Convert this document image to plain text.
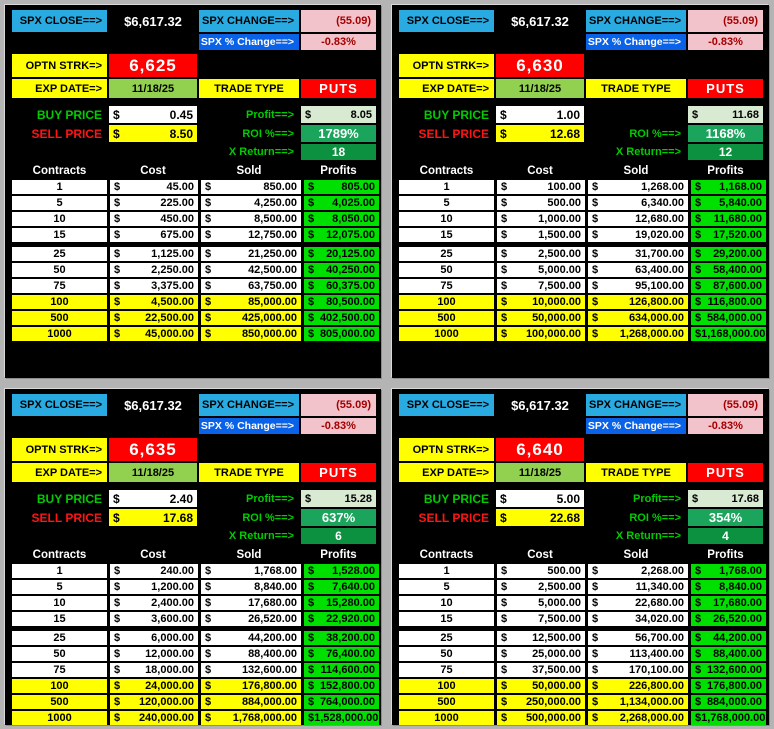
SPX CLOSE==>	$6,617.32	SPX CHANGE==>	(55.09)
SPX % Change==>	-0.83%
OPTN STRK=>	6,625
EXP DATE=>	11/18/25	TRADE TYPE	PUTS
BUY PRICE $	0.45	Profit==>	$	8.05
SELL PRICE $	8.50	ROI %==>	1789%
X Return==>	18
Contracts	Cost	Sold	Profits
1	$	45.00 $	850.00 $ 805.00
5	$	225.00 $	4,250.00 $ 4,025.00
10	$	450.00 $	8,500.00 $ 8,050.00
15	$	675.00 $	12,750.00 $ 12,075.00
25	$	1,125.00 $	21,250.00 $ 20,125.00
50	$	2,250.00 $	42,500.00 $ 40,250.00
75	$	3,375.00 $	63,750.00 $ 60,375.00
100	$	4,500.00 $	85,000.00 $ 80,500.00
500	$ 22,500.00 $	425,000.00 $ 402,500.00
1000	$ 45,000.00 $	850,000.00 $ 805,000.00
SPX CLOSE==>	$6,617.32	SPX CHANGE==>	(55.09)
SPX % Change==>	-0.83%
OPTN STRK=>	6,630
EXP DATE=>	11/18/25	TRADE TYPE	PUTS
BUY PRICE $	1.00	$	11.68
SELL PRICE $	12.68	ROI %==>	1168%
X Return==>	12
Contracts	Cost	Sold	Profits
1	$	100.00 $	1,268.00 $ 1,168.00
5	$	500.00 $	6,340.00 $ 5,840.00
10	$	1,000.00 $	12,680.00 $ 11,680.00
15	$	1,500.00 $	19,020.00 $ 17,520.00
25	$	2,500.00 $	31,700.00 $ 29,200.00
50	$	5,000.00 $	63,400.00 $ 58,400.00
75	$	7,500.00 $	95,100.00 $ 87,600.00
100	$ 10,000.00 $	126,800.00 $ 116,800.00
500	$ 50,000.00 $	634,000.00 $ 584,000.00
1000	$ 100,000.00 $ 1,268,000.00 $ 1,168,000.00
SPX CLOSE==>	$6,617.32	SPX CHANGE==>	(55.09)
SPX % Change==>	-0.83%
OPTN STRK=>	6,635
EXP DATE=>	11/18/25	TRADE TYPE	PUTS
BUY PRICE $	2.40	Profit==>	$	15.28
SELL PRICE $	17.68	ROI %==>	637%
X Return==>	6
Contracts	Cost	Sold	Profits
1	$	240.00 $	1,768.00 $ 1,528.00
5	$	1,200.00 $	8,840.00 $ 7,640.00
10	$	2,400.00 $	17,680.00 $ 15,280.00
15	$	3,600.00 $	26,520.00 $ 22,920.00
25	$	6,000.00 $	44,200.00 $ 38,200.00
50	$ 12,000.00 $	88,400.00 $ 76,400.00
75	$ 18,000.00 $	132,600.00 $ 114,600.00
100	$ 24,000.00 $	176,800.00 $ 152,800.00
500	$ 120,000.00 $	884,000.00 $ 764,000.00
1000	$ 240,000.00 $ 1,768,000.00 $ 1,528,000.00
SPX CLOSE==>	$6,617.32	SPX CHANGE==>	(55.09)
SPX % Change==>	-0.83%
OPTN STRK=>	6,640
EXP DATE=>	11/18/25	TRADE TYPE	PUTS
BUY PRICE $	5.00	Profit==>	$	17.68
SELL PRICE $	22.68	ROI %==>	354%
X Return==>	4
Contracts	Cost	Sold	Profits
1	$	500.00 $	2,268.00 $ 1,768.00
5	$	2,500.00 $	11,340.00 $ 8,840.00
10	$	5,000.00 $	22,680.00 $ 17,680.00
15	$	7,500.00 $	34,020.00 $ 26,520.00
25	$ 12,500.00 $	56,700.00 $ 44,200.00
50	$ 25,000.00 $	113,400.00 $ 88,400.00
75	$ 37,500.00 $	170,100.00 $ 132,600.00
100	$ 50,000.00 $	226,800.00 $ 176,800.00
500	$ 250,000.00 $ 1,134,000.00 $ 884,000.00
1000	$ 500,000.00 $ 2,268,000.00 $ 1,768,000.00
